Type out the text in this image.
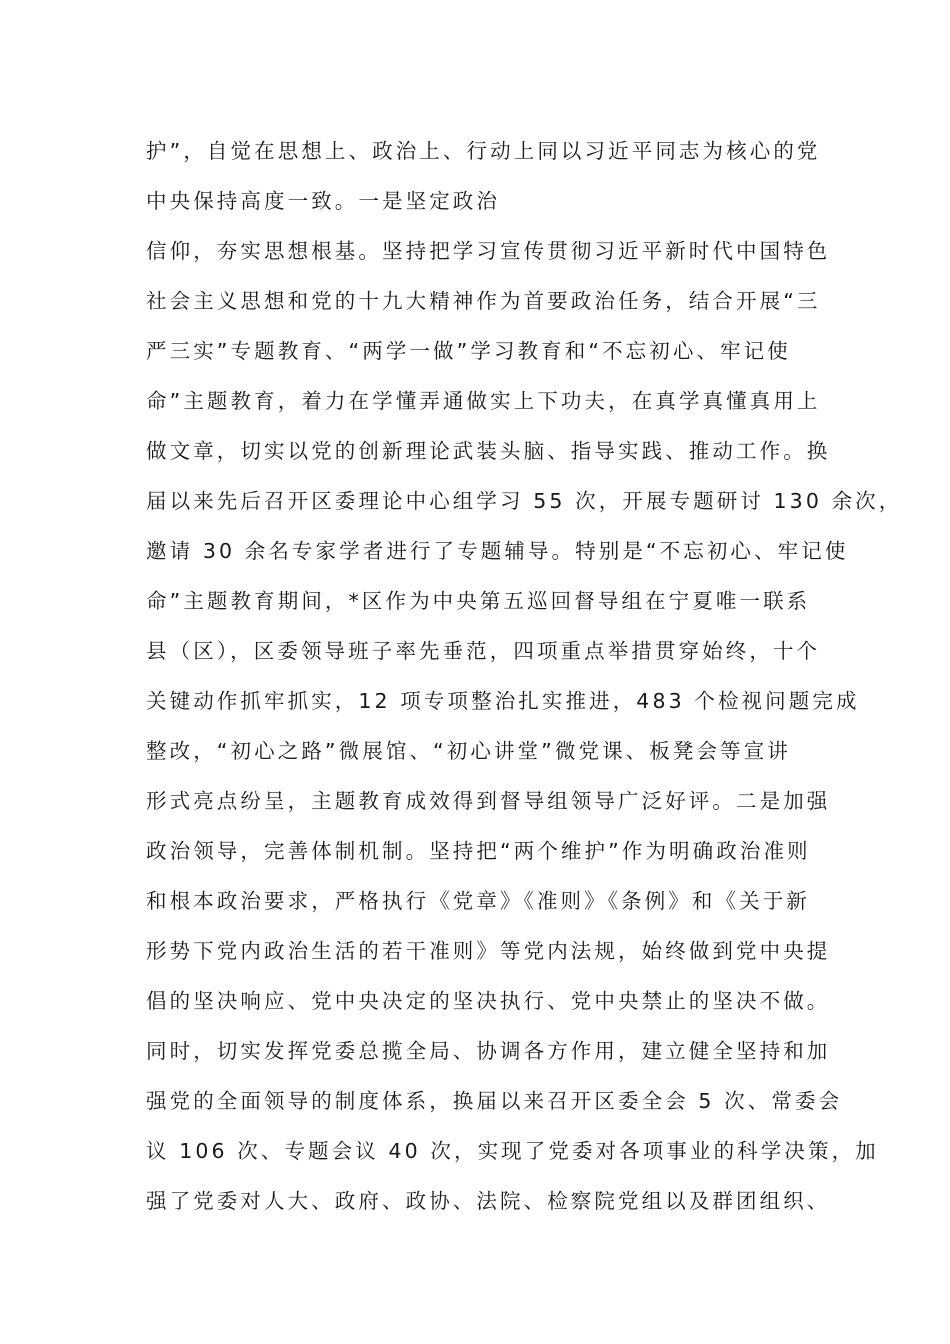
护”，自觉在思想上、政治上、行动上同以习近平同志为核心的党

中央保持高度一致。一是坚定政治

信仰，夯实思想根基。坚持把学习宣传贯彻习近平新时代中国特色

社会主义思想和党的十九大精神作为首要政治任务，结合开展“三

严三实”专题教育、“两学一做”学习教育和“不忘初心、牢记使

命”主题教育，着力在学懂弄通做实上下功夫，在真学真懂真用上

做文章，切实以党的创新理论武装头脑、指导实践、推动工作。换

届以来先后召开区委理论中心组学习 55 次，开展专题研讨 130 余次，

邀请 30 余名专家学者进行了专题辅导。特别是“不忘初心、牢记使

命”主题教育期间，*区作为中央第五巡回督导组在宁夏唯一联系

县（区），区委领导班子率先垂范，四项重点举措贯穿始终，十个

关键动作抓牢抓实，12 项专项整治扎实推进，483 个检视问题完成

整改，“初心之路”微展馆、“初心讲堂”微党课、板凳会等宣讲

形式亮点纷呈，主题教育成效得到督导组领导广泛好评。二是加强

政治领导，完善体制机制。坚持把“两个维护”作为明确政治准则

和根本政治要求，严格执行《党章》《准则》《条例》和《关于新

形势下党内政治生活的若干准则》等党内法规，始终做到党中央提

倡的坚决响应、党中央决定的坚决执行、党中央禁止的坚决不做。

同时，切实发挥党委总揽全局、协调各方作用，建立健全坚持和加

强党的全面领导的制度体系，换届以来召开区委全会 5 次、常委会

议 106 次、专题会议 40 次，实现了党委对各项事业的科学决策，加

强了党委对人大、政府、政协、法院、检察院党组以及群团组织、
